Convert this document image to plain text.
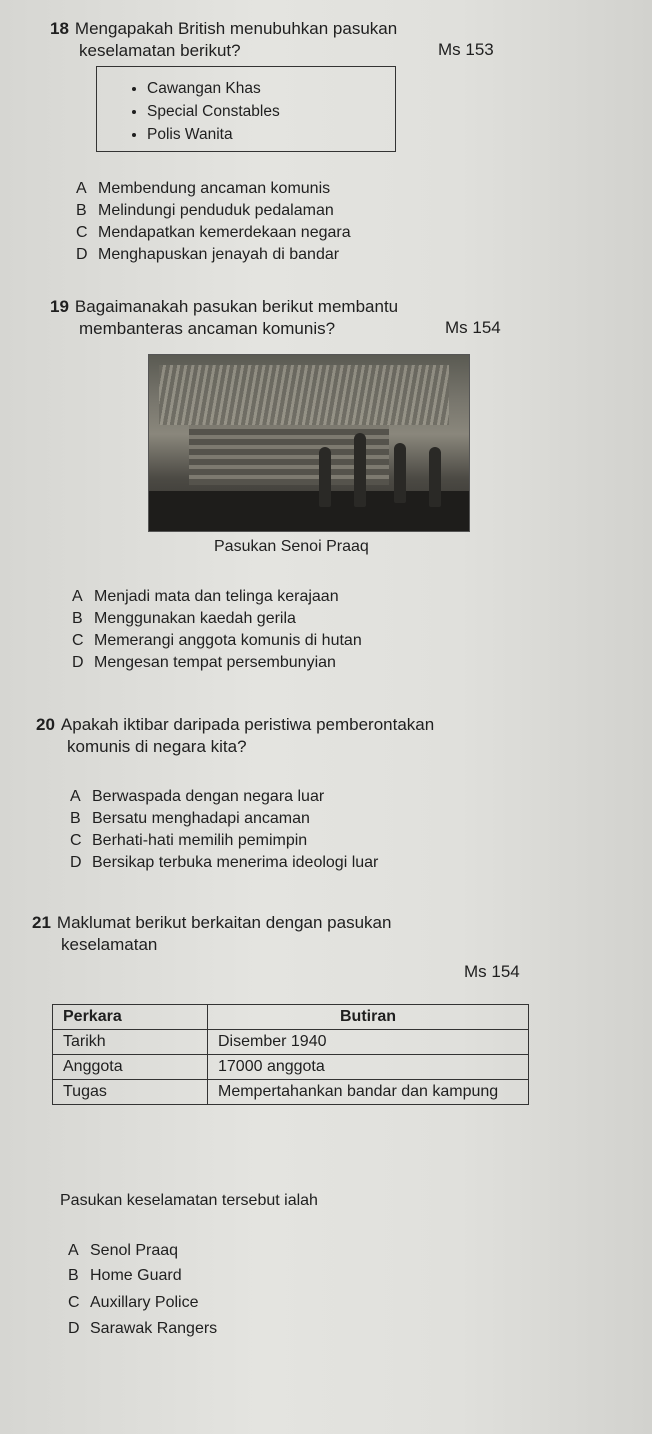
18 Mengapakah British menubuhkan pasukan
keselamatan berikut?	Ms 153
• Cawangan Khas
• Special Constables
• Polis Wanita
A Membendung ancaman komunis
B Melindungi penduduk pedalaman
C Mendapatkan kemerdekaan negara
D Menghapuskan jenayah di bandar
19 Bagaimanakah pasukan berikut membantu
membanteras ancaman komunis?	Ms 154
Pasukan Senoi Praaq
A Menjadi mata dan telinga kerajaan
B Menggunakan kaedah gerila
C Memerangi anggota komunis di hutan
D Mengesan tempat persembunyian
20 Apakah iktibar daripada peristiwa pemberontakan
komunis di negara kita?
A Berwaspada dengan negara luar
B Bersatu menghadapi ancaman
C Berhati-hati memilih pemimpin
D Bersikap terbuka menerima ideologi luar
21 Maklumat berikut berkaitan dengan pasukan
keselamatan
Ms 154
Perkara	Butiran
Tarikh	Disember 1940
Anggota	17000 anggota
Tugas	Mempertahankan bandar dan kampung
Pasukan keselamatan tersebut ialah
A Senol Praaq
B Home Guard
C Auxillary Police
D Sarawak Rangers
